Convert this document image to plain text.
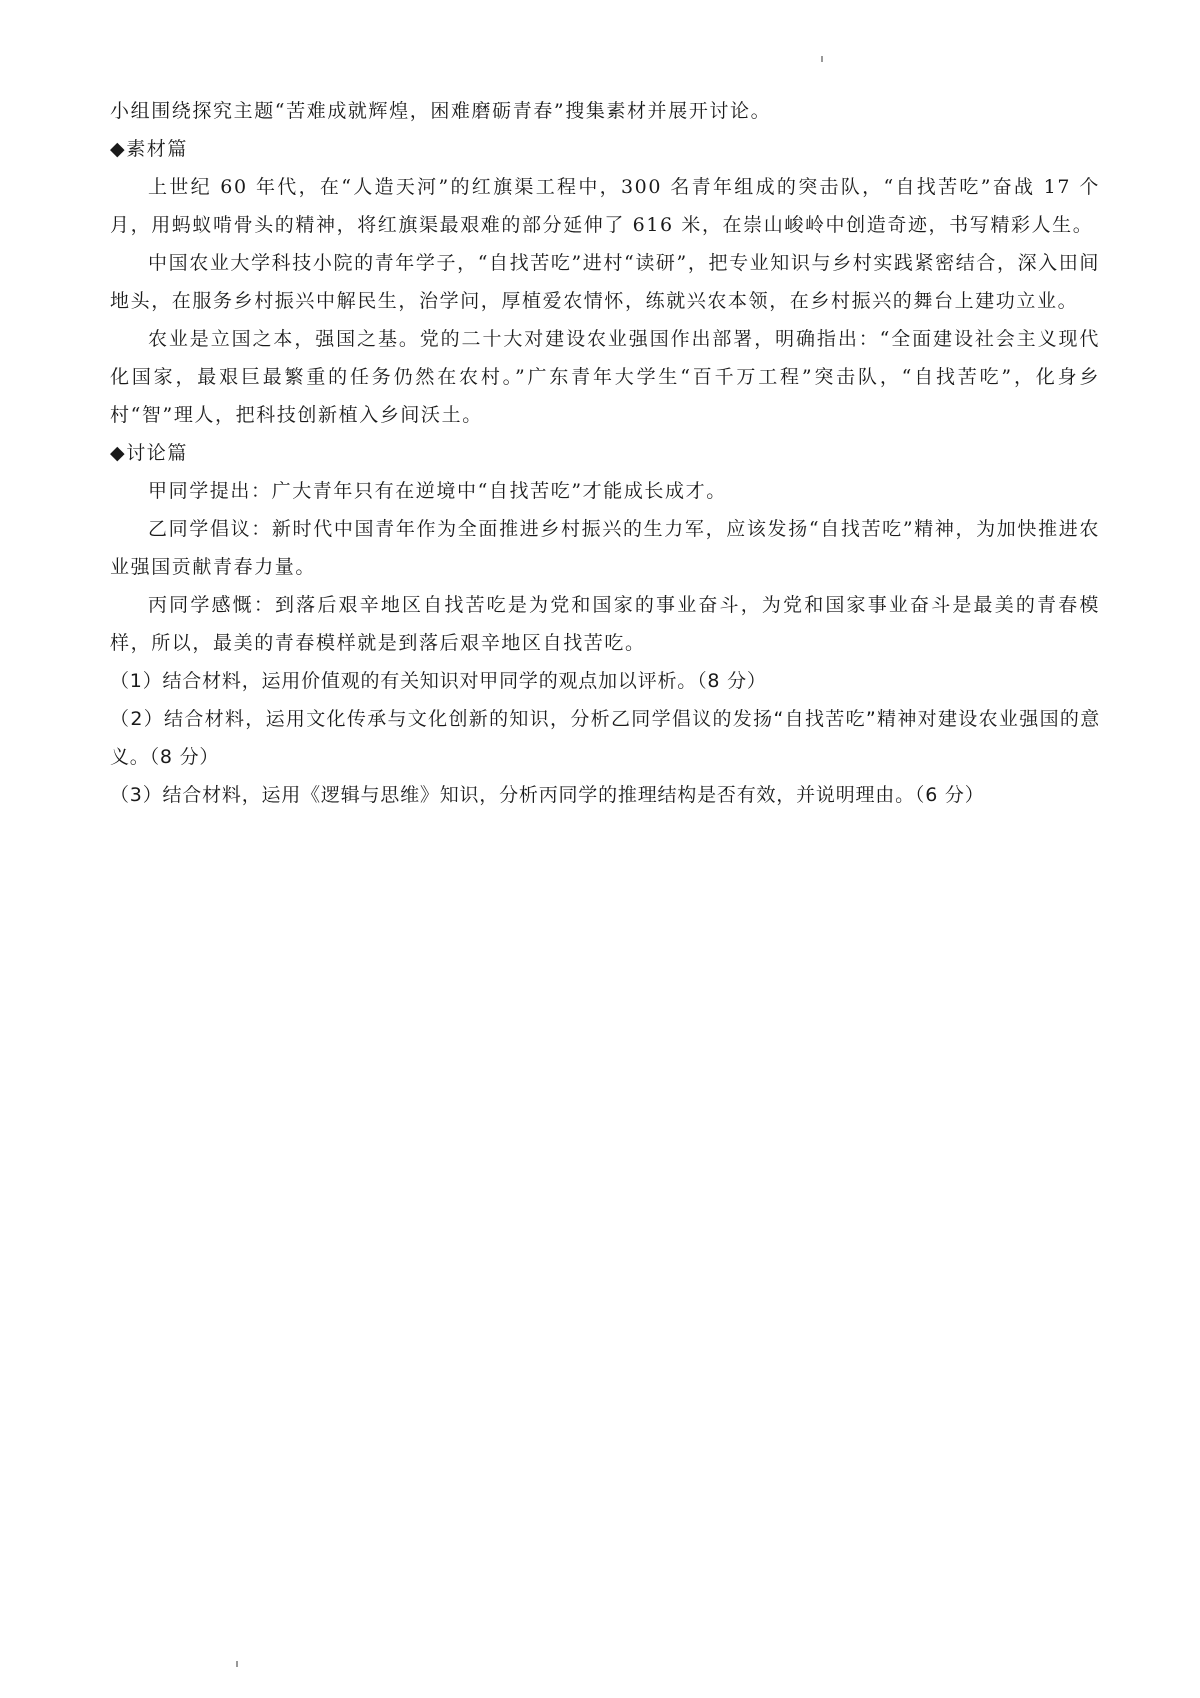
小组围绕探究主题“苦难成就辉煌，困难磨砺青春”搜集素材并展开讨论。

◆素材篇

上世纪 60 年代，在“人造天河”的红旗渠工程中，300 名青年组成的突击队，“自找苦吃”奋战 17 个月，用蚂蚁啃骨头的精神，将红旗渠最艰难的部分延伸了 616 米，在崇山峻岭中创造奇迹，书写精彩人生。

中国农业大学科技小院的青年学子，“自找苦吃”进村“读研”，把专业知识与乡村实践紧密结合，深入田间地头，在服务乡村振兴中解民生，治学问，厚植爱农情怀，练就兴农本领，在乡村振兴的舞台上建功立业。

农业是立国之本，强国之基。党的二十大对建设农业强国作出部署，明确指出：“全面建设社会主义现代化国家，最艰巨最繁重的任务仍然在农村。”广东青年大学生“百千万工程”突击队，“自找苦吃”，化身乡村“智”理人，把科技创新植入乡间沃土。

◆讨论篇

甲同学提出：广大青年只有在逆境中“自找苦吃”才能成长成才。

乙同学倡议：新时代中国青年作为全面推进乡村振兴的生力军，应该发扬“自找苦吃”精神，为加快推进农业强国贡献青春力量。

丙同学感慨：到落后艰辛地区自找苦吃是为党和国家的事业奋斗，为党和国家事业奋斗是最美的青春模样，所以，最美的青春模样就是到落后艰辛地区自找苦吃。

（1）结合材料，运用价值观的有关知识对甲同学的观点加以评析。（8 分）

（2）结合材料，运用文化传承与文化创新的知识，分析乙同学倡议的发扬“自找苦吃”精神对建设农业强国的意义。（8 分）

（3）结合材料，运用《逻辑与思维》知识，分析丙同学的推理结构是否有效，并说明理由。（6 分）
